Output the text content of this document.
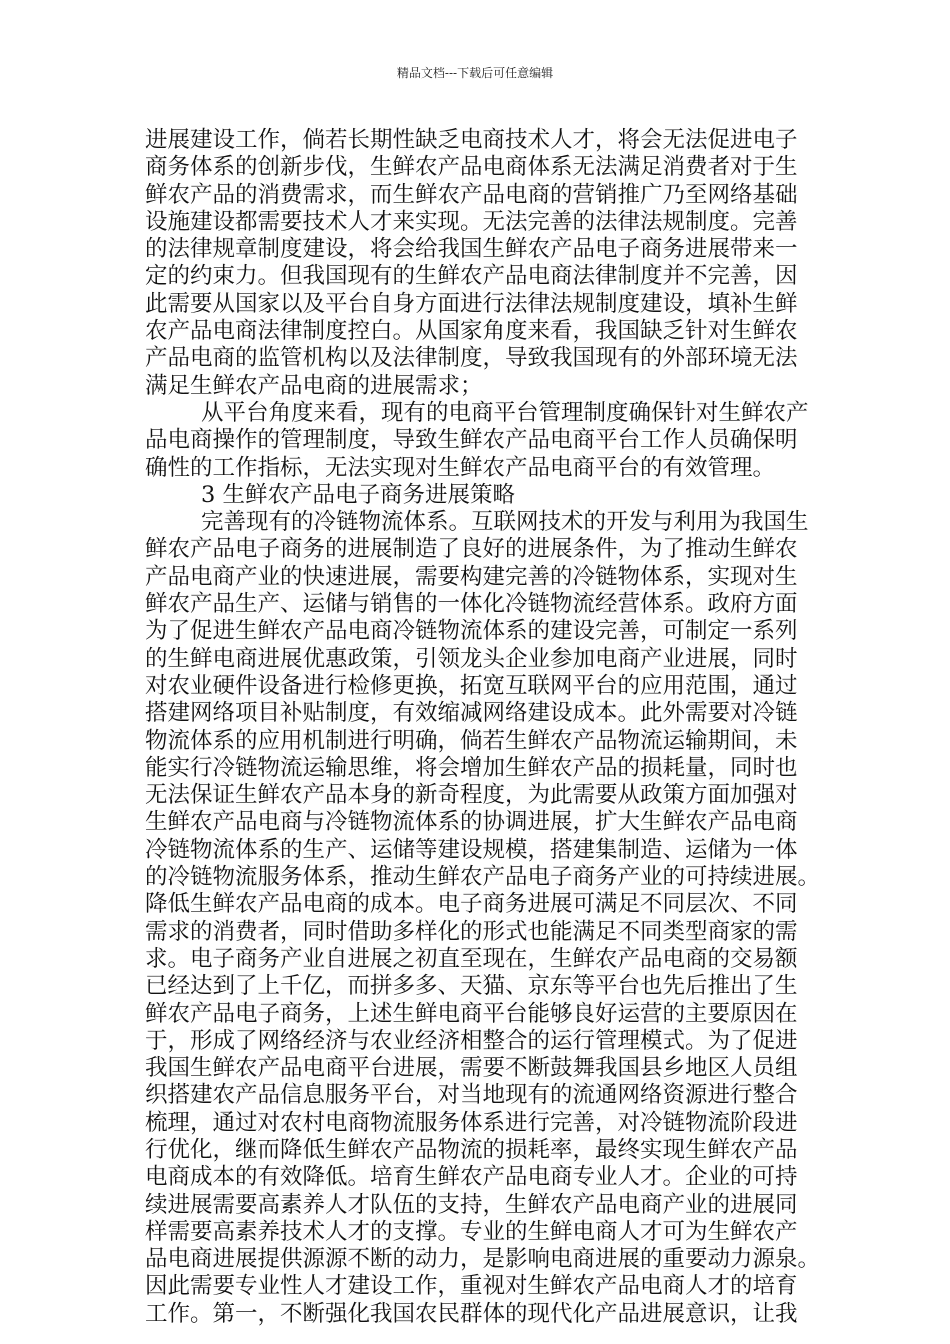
精品文档---下载后可任意编辑
进展建设工作，倘若长期性缺乏电商技术人才，将会无法促进电子
商务体系的创新步伐，生鲜农产品电商体系无法满足消费者对于生
鲜农产品的消费需求，而生鲜农产品电商的营销推广乃至网络基础
设施建设都需要技术人才来实现。无法完善的法律法规制度。完善
的法律规章制度建设，将会给我国生鲜农产品电子商务进展带来一
定的约束力。但我国现有的生鲜农产品电商法律制度并不完善，因
此需要从国家以及平台自身方面进行法律法规制度建设，填补生鲜
农产品电商法律制度控白。从国家角度来看，我国缺乏针对生鲜农
产品电商的监管机构以及法律制度，导致我国现有的外部环境无法
满足生鲜农产品电商的进展需求；
从平台角度来看，现有的电商平台管理制度确保针对生鲜农产
品电商操作的管理制度，导致生鲜农产品电商平台工作人员确保明
确性的工作指标，无法实现对生鲜农产品电商平台的有效管理。
3 生鲜农产品电子商务进展策略
完善现有的冷链物流体系。互联网技术的开发与利用为我国生
鲜农产品电子商务的进展制造了良好的进展条件，为了推动生鲜农
产品电商产业的快速进展，需要构建完善的冷链物体系，实现对生
鲜农产品生产、运储与销售的一体化冷链物流经营体系。政府方面
为了促进生鲜农产品电商冷链物流体系的建设完善，可制定一系列
的生鲜电商进展优惠政策，引领龙头企业参加电商产业进展，同时
对农业硬件设备进行检修更换，拓宽互联网平台的应用范围，通过
搭建网络项目补贴制度，有效缩减网络建设成本。此外需要对冷链
物流体系的应用机制进行明确，倘若生鲜农产品物流运输期间，未
能实行冷链物流运输思维，将会增加生鲜农产品的损耗量，同时也
无法保证生鲜农产品本身的新奇程度，为此需要从政策方面加强对
生鲜农产品电商与冷链物流体系的协调进展，扩大生鲜农产品电商
冷链物流体系的生产、运储等建设规模，搭建集制造、运储为一体
的冷链物流服务体系，推动生鲜农产品电子商务产业的可持续进展。
降低生鲜农产品电商的成本。电子商务进展可满足不同层次、不同
需求的消费者，同时借助多样化的形式也能满足不同类型商家的需
求。电子商务产业自进展之初直至现在，生鲜农产品电商的交易额
已经达到了上千亿，而拼多多、天猫、京东等平台也先后推出了生
鲜农产品电子商务，上述生鲜电商平台能够良好运营的主要原因在
于，形成了网络经济与农业经济相整合的运行管理模式。为了促进
我国生鲜农产品电商平台进展，需要不断鼓舞我国县乡地区人员组
织搭建农产品信息服务平台，对当地现有的流通网络资源进行整合
梳理，通过对农村电商物流服务体系进行完善，对冷链物流阶段进
行优化，继而降低生鲜农产品物流的损耗率，最终实现生鲜农产品
电商成本的有效降低。培育生鲜农产品电商专业人才。企业的可持
续进展需要高素养人才队伍的支持，生鲜农产品电商产业的进展同
样需要高素养技术人才的支撑。专业的生鲜电商人才可为生鲜农产
品电商进展提供源源不断的动力，是影响电商进展的重要动力源泉。
因此需要专业性人才建设工作，重视对生鲜农产品电商人才的培育
工作。第一，不断强化我国农民群体的现代化产品进展意识，让我
